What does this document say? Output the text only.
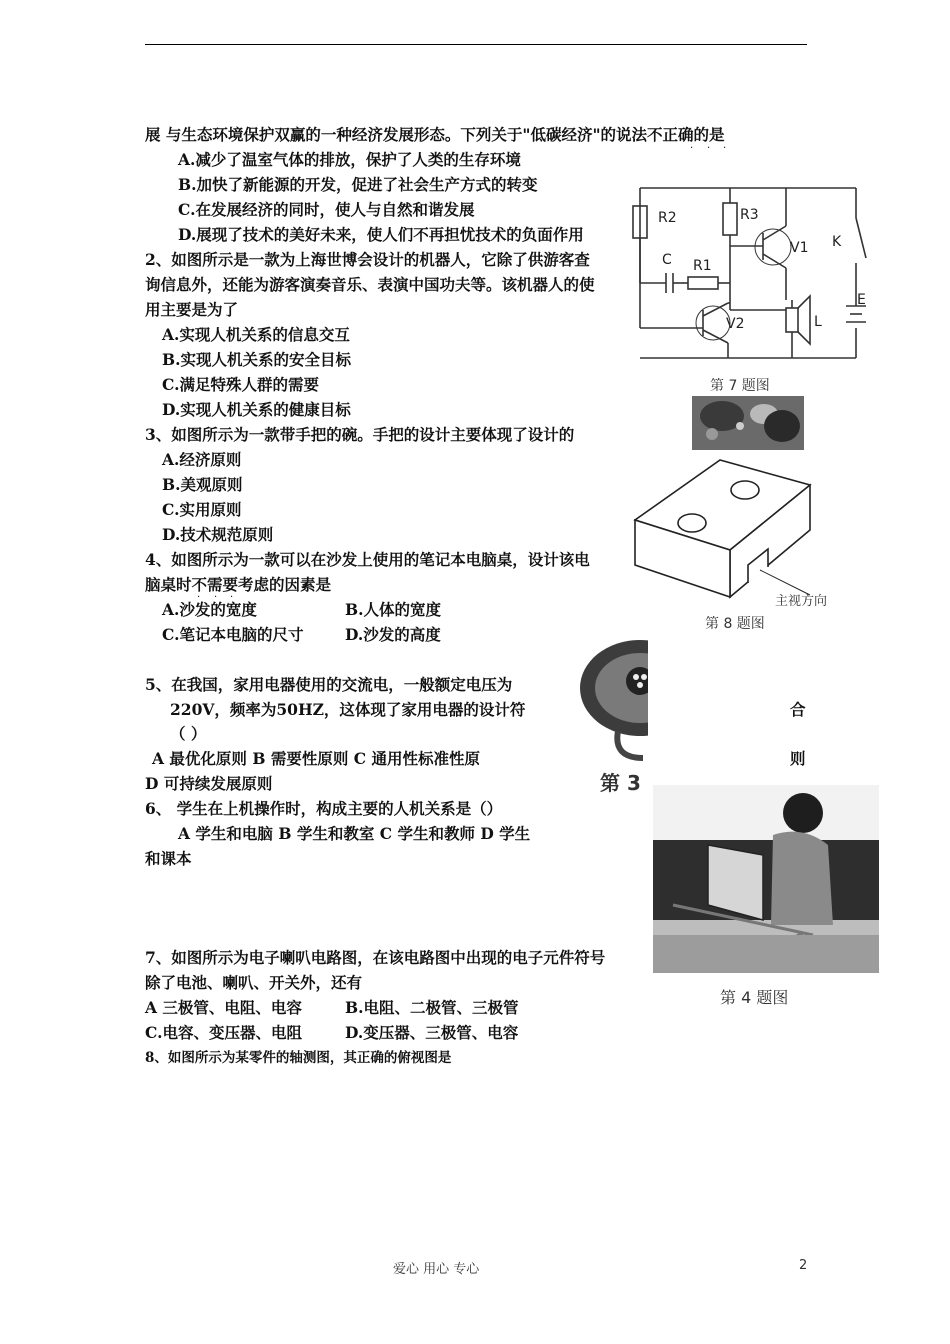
展 与生态环境保护双赢的一种经济发展形态。下列关于"低碳经济"的说法不正确的是
· · ·
A.减少了温室气体的排放，保护了人类的生存环境
B.加快了新能源的开发，促进了社会生产方式的转变
C.在发展经济的同时，使人与自然和谐发展
D.展现了技术的美好未来，使人们不再担忧技术的负面作用
2、如图所示是一款为上海世博会设计的机器人，它除了供游客查
询信息外，还能为游客演奏音乐、表演中国功夫等。该机器人的使
用主要是为了
A.实现人机关系的信息交互
B.实现人机关系的安全目标
C.满足特殊人群的需要
D.实现人机关系的健康目标
3、如图所示为一款带手把的碗。手把的设计主要体现了设计的
A.经济原则
B.美观原则
C.实用原则
D.技术规范原则
4、如图所示为一款可以在沙发上使用的笔记本电脑桌，设计该电
脑桌时不需要考虑的因素是
· · ·
A.沙发的宽度	B.人体的宽度
C.笔记本电脑的尺寸	D.沙发的高度
5、在我国，家用电器使用的交流电，一般额定电压为
220V，频率为50HZ，这体现了家用电器的设计符	合
（ ）
A 最优化原则 B 需要性原则 C 通用性标准性原	则
D 可持续发展原则
6、 学生在上机操作时，构成主要的人机关系是（）
A 学生和电脑 B 学生和教室 C 学生和教师 D 学生
和课本
7、如图所示为电子喇叭电路图，在该电路图中出现的电子元件符号
除了电池、喇叭、开关外，还有
A 三极管、电阻、电容	B.电阻、二极管、三极管
C.电容、变压器、电阻	D.变压器、三极管、电容
8、如图所示为某零件的轴测图，其正确的俯视图是
R2	R3
C R1
V1
V2
K
E
L
第 7 题图
主视方向
第 8 题图
第 3
第 4 题图
爱心 用心 专心	2
